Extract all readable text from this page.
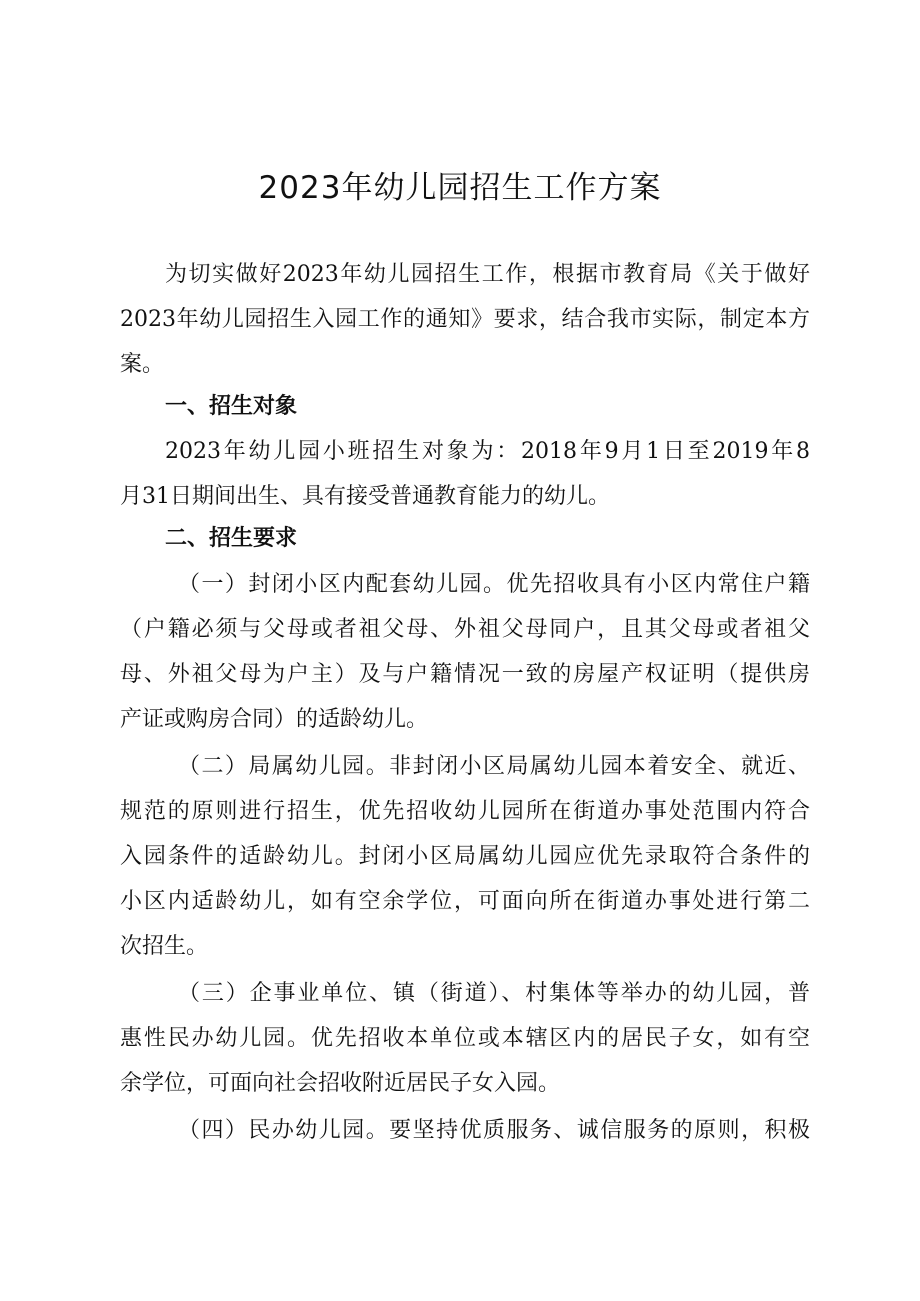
2023年幼儿园招生工作方案
为切实做好2023年幼儿园招生工作，根据市教育局《关于做好
2023年幼儿园招生入园工作的通知》要求，结合我市实际，制定本方
案。
一、招生对象
2023年幼儿园小班招生对象为：2018年9月1日至2019年8
月31日期间出生、具有接受普通教育能力的幼儿。
二、招生要求
（一）封闭小区内配套幼儿园。优先招收具有小区内常住户籍
（户籍必须与父母或者祖父母、外祖父母同户，且其父母或者祖父
母、外祖父母为户主）及与户籍情况一致的房屋产权证明（提供房
产证或购房合同）的适龄幼儿。
（二）局属幼儿园。非封闭小区局属幼儿园本着安全、就近、
规范的原则进行招生，优先招收幼儿园所在街道办事处范围内符合
入园条件的适龄幼儿。封闭小区局属幼儿园应优先录取符合条件的
小区内适龄幼儿，如有空余学位，可面向所在街道办事处进行第二
次招生。
（三）企事业单位、镇（街道）、村集体等举办的幼儿园，普
惠性民办幼儿园。优先招收本单位或本辖区内的居民子女，如有空
余学位，可面向社会招收附近居民子女入园。
（四）民办幼儿园。要坚持优质服务、诚信服务的原则，积极
